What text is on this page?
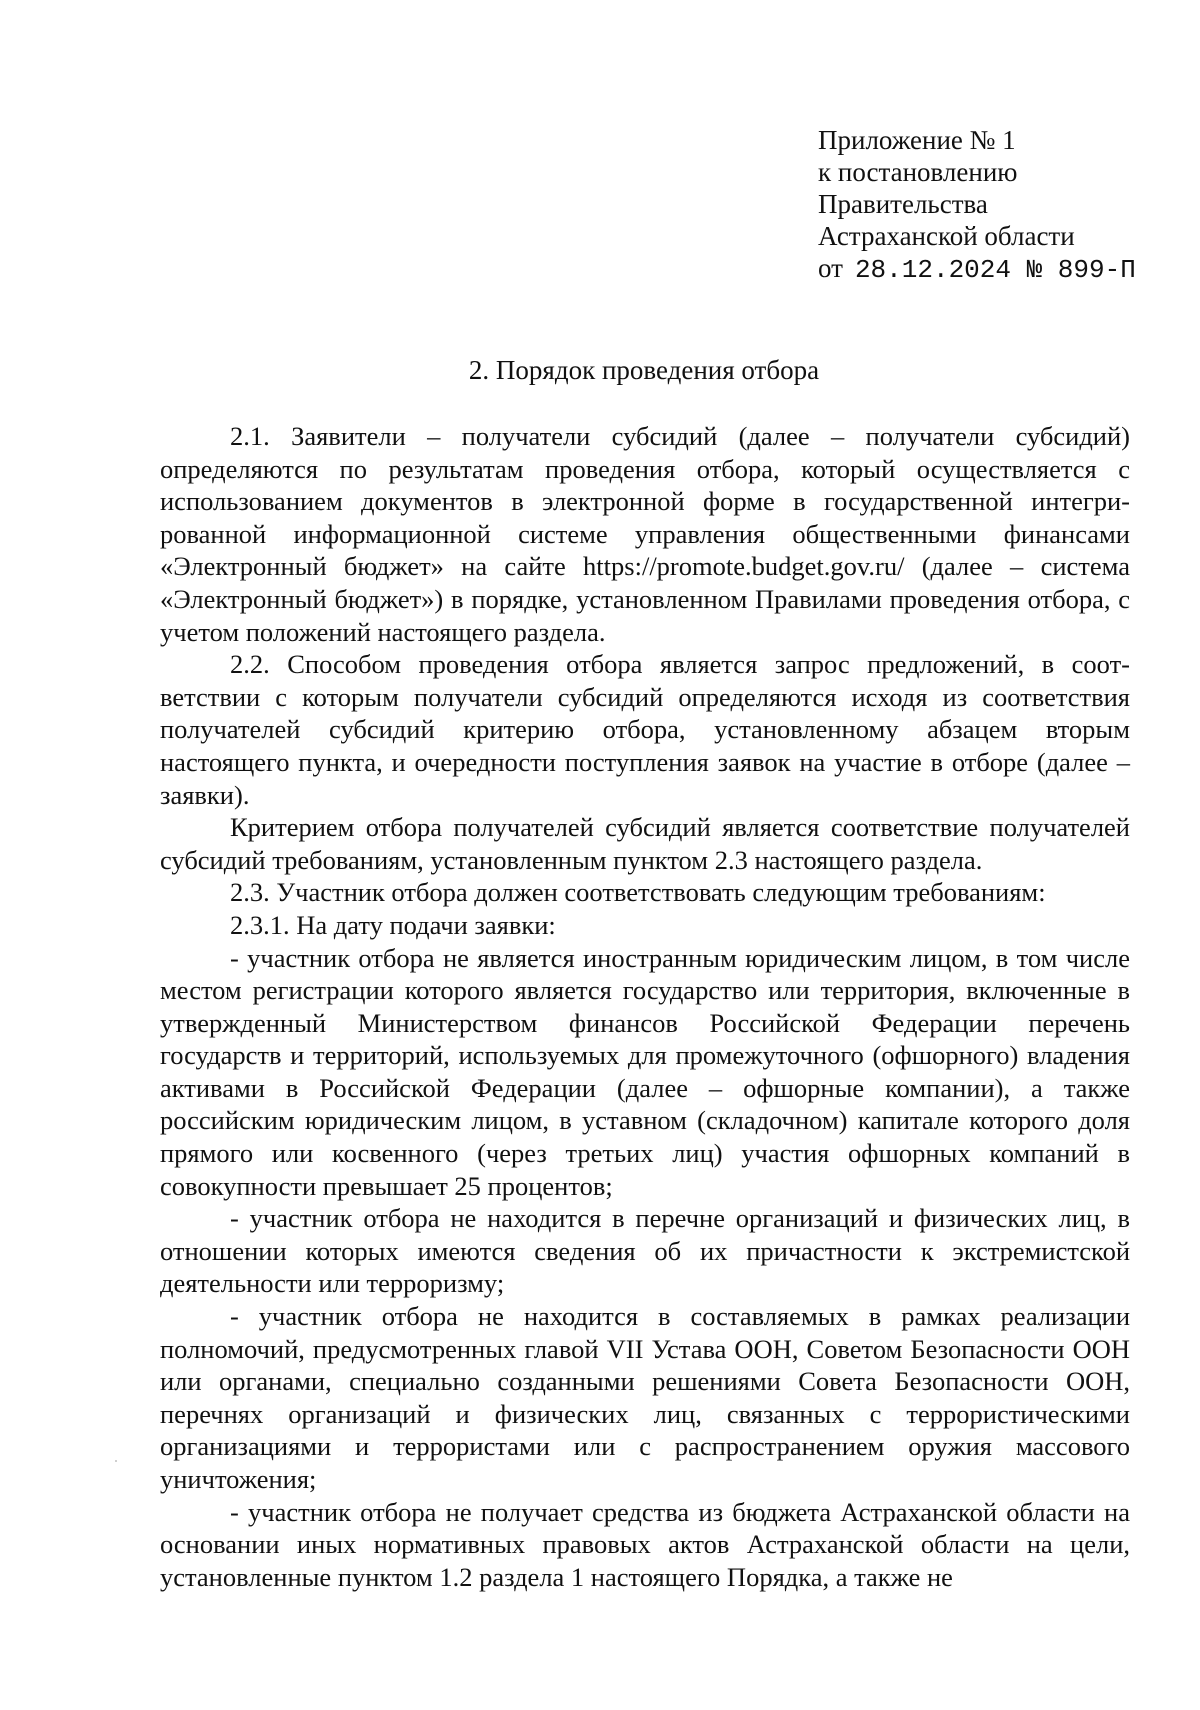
Приложение № 1
к постановлению
Правительства
Астраханской области
от 28.12.2024 № 899-П
2. Порядок проведения отбора

2.1. Заявители – получатели субсидий (далее – получатели субсидий) определяются по результатам проведения отбора, который осуществляется с использованием документов в электронной форме в государственной интегрированной информационной системе управления общественными финансами «Электронный бюджет» на сайте https://promote.budget.gov.ru/ (далее – система «Электронный бюджет») в порядке, установленном Правилами проведения отбора, с учетом положений настоящего раздела.

2.2. Способом проведения отбора является запрос предложений, в соответствии с которым получатели субсидий определяются исходя из соответствия получателей субсидий критерию отбора, установленному абзацем вторым настоящего пункта, и очередности поступления заявок на участие в отборе (далее – заявки).

Критерием отбора получателей субсидий является соответствие получателей субсидий требованиям, установленным пунктом 2.3 настоящего раздела.

2.3. Участник отбора должен соответствовать следующим требованиям:

2.3.1. На дату подачи заявки:

- участник отбора не является иностранным юридическим лицом, в том числе местом регистрации которого является государство или территория, включенные в утвержденный Министерством финансов Российской Федерации перечень государств и территорий, используемых для промежуточного (офшорного) владения активами в Российской Федерации (далее – офшорные компании), а также российским юридическим лицом, в уставном (складочном) капитале которого доля прямого или косвенного (через третьих лиц) участия офшорных компаний в совокупности превышает 25 процентов;

- участник отбора не находится в перечне организаций и физических лиц, в отношении которых имеются сведения об их причастности к экстремистской деятельности или терроризму;

- участник отбора не находится в составляемых в рамках реализации полномочий, предусмотренных главой VII Устава ООН, Советом Безопасности ООН или органами, специально созданными решениями Совета Безопасности ООН, перечнях организаций и физических лиц, связанных с террористическими организациями и террористами или с распространением оружия массового уничтожения;

- участник отбора не получает средства из бюджета Астраханской области на основании иных нормативных правовых актов Астраханской области на цели, установленные пунктом 1.2 раздела 1 настоящего Порядка, а также не
